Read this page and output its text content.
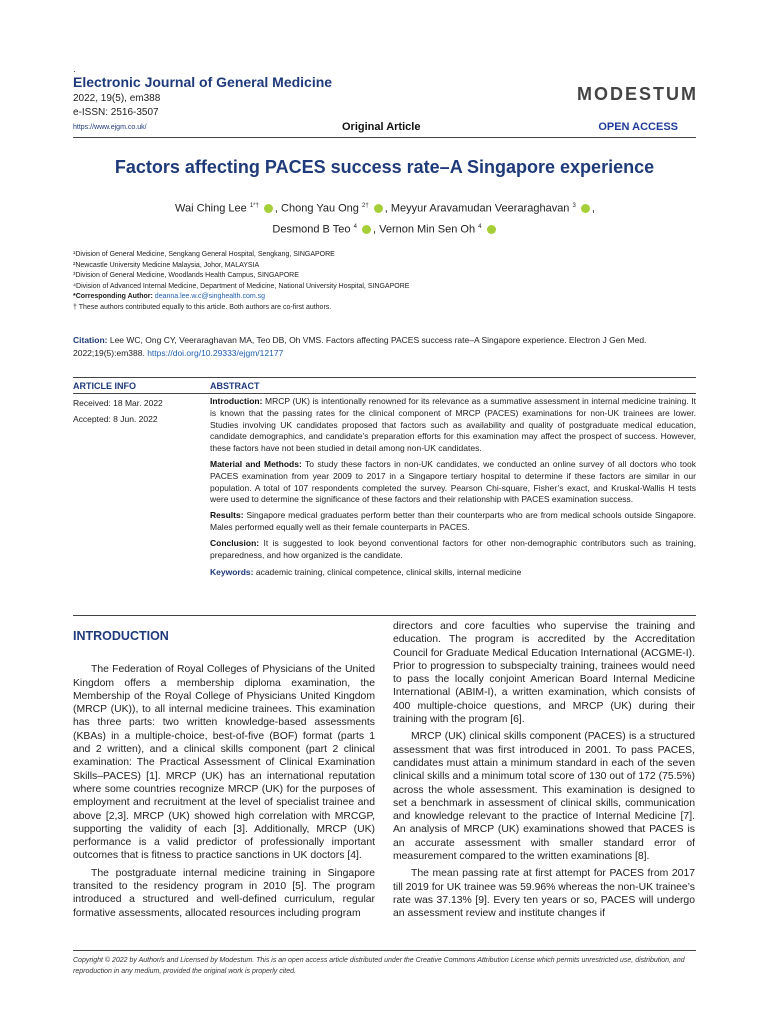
·
Electronic Journal of General Medicine
2022, 19(5), em388
e-ISSN: 2516-3507
https://www.ejgm.co.uk/
MODESTUM
Original Article	OPEN ACCESS
Factors affecting PACES success rate–A Singapore experience
Wai Ching Lee $^{1*\dagger}$ , Chong Yau Ong $^{2\dagger}$ , Meyyur Aravamudan Veeraraghavan $^3$ ,
Desmond B Teo $^4$ , Vernon Min Sen Oh $^4$
¹Division of General Medicine, Sengkang General Hospital, Sengkang, SINGAPORE
²Newcastle University Medicine Malaysia, Johor, MALAYSIA
³Division of General Medicine, Woodlands Health Campus, SINGAPORE
⁴Division of Advanced Internal Medicine, Department of Medicine, National University Hospital, SINGAPORE
*Corresponding Author: deanna.lee.w.c@singhealth.com.sg
† These authors contributed equally to this article. Both authors are co-first authors.
Citation: Lee WC, Ong CY, Veeraraghavan MA, Teo DB, Oh VMS. Factors affecting PACES success rate–A Singapore experience. Electron J Gen Med. 2022;19(5):em388. https://doi.org/10.29333/ejgm/12177
ARTICLE INFO	ABSTRACT
Received: 18 Mar. 2022
Accepted: 8 Jun. 2022

Introduction: MRCP (UK) is intentionally renowned for its relevance as a summative assessment in internal medicine training. It is known that the passing rates for the clinical component of MRCP (PACES) examinations for non-UK trainees are lower. Studies involving UK candidates proposed that factors such as availability and quality of postgraduate medical education, candidate demographics, and candidate’s preparation efforts for this examination may affect the prospect of success. However, these factors have not been studied in detail among non-UK candidates.

Material and Methods: To study these factors in non-UK candidates, we conducted an online survey of all doctors who took PACES examination from year 2009 to 2017 in a Singapore tertiary hospital to determine if these factors are similar in our population. A total of 107 respondents completed the survey. Pearson Chi-square, Fisher’s exact, and Kruskal-Wallis H tests were used to determine the significance of these factors and their relationship with PACES examination success.

Results: Singapore medical graduates perform better than their counterparts who are from medical schools outside Singapore. Males performed equally well as their female counterparts in PACES.

Conclusion: It is suggested to look beyond conventional factors for other non-demographic contributors such as training, preparedness, and how organized is the candidate.

Keywords: academic training, clinical competence, clinical skills, internal medicine

INTRODUCTION

The Federation of Royal Colleges of Physicians of the United Kingdom offers a membership diploma examination, the Membership of the Royal College of Physicians United Kingdom (MRCP (UK)), to all internal medicine trainees. This examination has three parts: two written knowledge-based assessments (KBAs) in a multiple-choice, best-of-five (BOF) format (parts 1 and 2 written), and a clinical skills component (part 2 clinical examination: The Practical Assessment of Clinical Examination Skills–PACES) [1]. MRCP (UK) has an international reputation where some countries recognize MRCP (UK) for the purposes of employment and recruitment at the level of specialist trainee and above [2,3]. MRCP (UK) showed high correlation with MRCGP, supporting the validity of each [3]. Additionally, MRCP (UK) performance is a valid predictor of professionally important outcomes that is fitness to practice sanctions in UK doctors [4].

The postgraduate internal medicine training in Singapore transited to the residency program in 2010 [5]. The program introduced a structured and well-defined curriculum, regular formative assessments, allocated resources including program

directors and core faculties who supervise the training and education. The program is accredited by the Accreditation Council for Graduate Medical Education International (ACGME-I). Prior to progression to subspecialty training, trainees would need to pass the locally conjoint American Board Internal Medicine International (ABIM-I), a written examination, which consists of 400 multiple-choice questions, and MRCP (UK) during their training with the program [6].

MRCP (UK) clinical skills component (PACES) is a structured assessment that was first introduced in 2001. To pass PACES, candidates must attain a minimum standard in each of the seven clinical skills and a minimum total score of 130 out of 172 (75.5%) across the whole assessment. This examination is designed to set a benchmark in assessment of clinical skills, communication and knowledge relevant to the practice of Internal Medicine [7]. An analysis of MRCP (UK) examinations showed that PACES is an accurate assessment with smaller standard error of measurement compared to the written examinations [8].

The mean passing rate at first attempt for PACES from 2017 till 2019 for UK trainee was 59.96% whereas the non-UK trainee’s rate was 37.13% [9]. Every ten years or so, PACES will undergo an assessment review and institute changes if

Copyright © 2022 by Author/s and Licensed by Modestum. This is an open access article distributed under the Creative Commons Attribution License which permits unrestricted use, distribution, and reproduction in any medium, provided the original work is properly cited.
